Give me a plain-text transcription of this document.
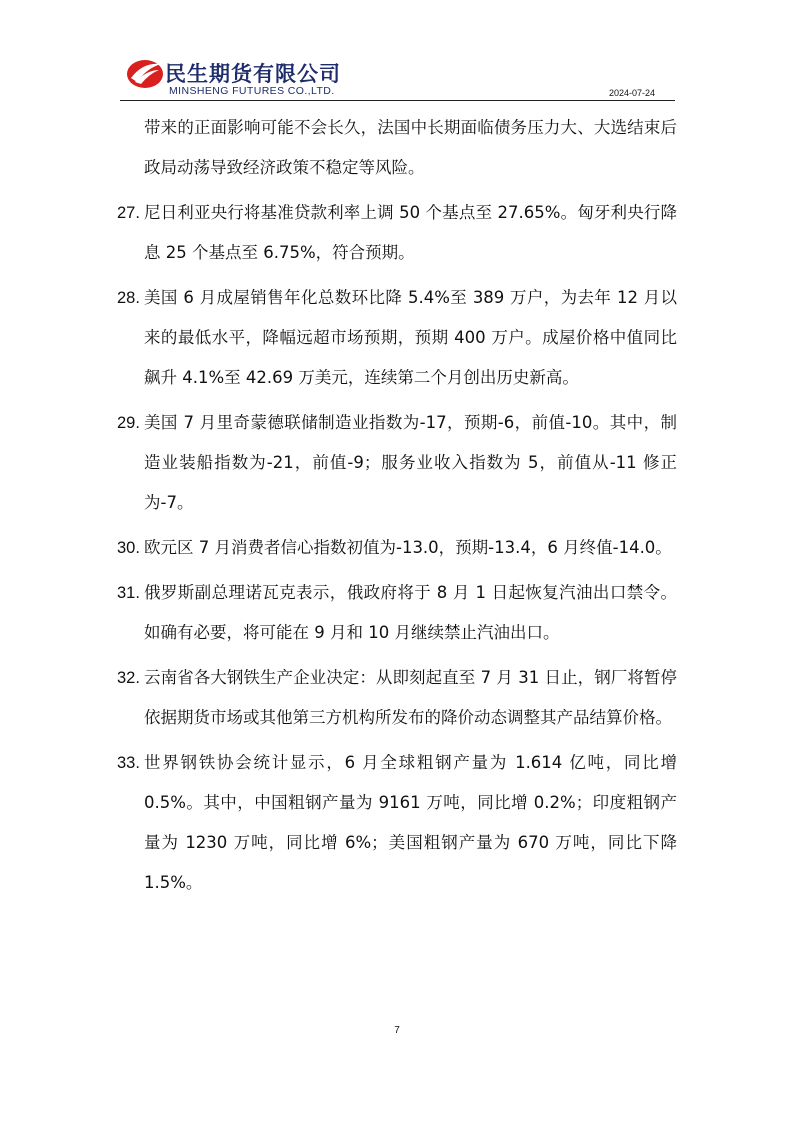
民生期货有限公司
MINSHENG FUTURES CO.,LTD.	2024-07-24
带来的正面影响可能不会长久，法国中长期面临债务压力大、大选结束后政局动荡导致经济政策不稳定等风险。
27. 尼日利亚央行将基准贷款利率上调 50 个基点至 27.65%。匈牙利央行降息 25 个基点至 6.75%，符合预期。
28. 美国 6 月成屋销售年化总数环比降 5.4%至 389 万户，为去年 12 月以来的最低水平，降幅远超市场预期，预期 400 万户。成屋价格中值同比飙升 4.1%至 42.69 万美元，连续第二个月创出历史新高。
29. 美国 7 月里奇蒙德联储制造业指数为-17，预期-6，前值-10。其中，制造业装船指数为-21，前值-9；服务业收入指数为 5，前值从-11 修正为-7。
30. 欧元区 7 月消费者信心指数初值为-13.0，预期-13.4，6 月终值-14.0。
31. 俄罗斯副总理诺瓦克表示，俄政府将于 8 月 1 日起恢复汽油出口禁令。如确有必要，将可能在 9 月和 10 月继续禁止汽油出口。
32. 云南省各大钢铁生产企业决定：从即刻起直至 7 月 31 日止，钢厂将暂停依据期货市场或其他第三方机构所发布的降价动态调整其产品结算价格。
33. 世界钢铁协会统计显示，6 月全球粗钢产量为 1.614 亿吨，同比增 0.5%。其中，中国粗钢产量为 9161 万吨，同比增 0.2%；印度粗钢产量为 1230 万吨，同比增 6%；美国粗钢产量为 670 万吨，同比下降 1.5%。
7
